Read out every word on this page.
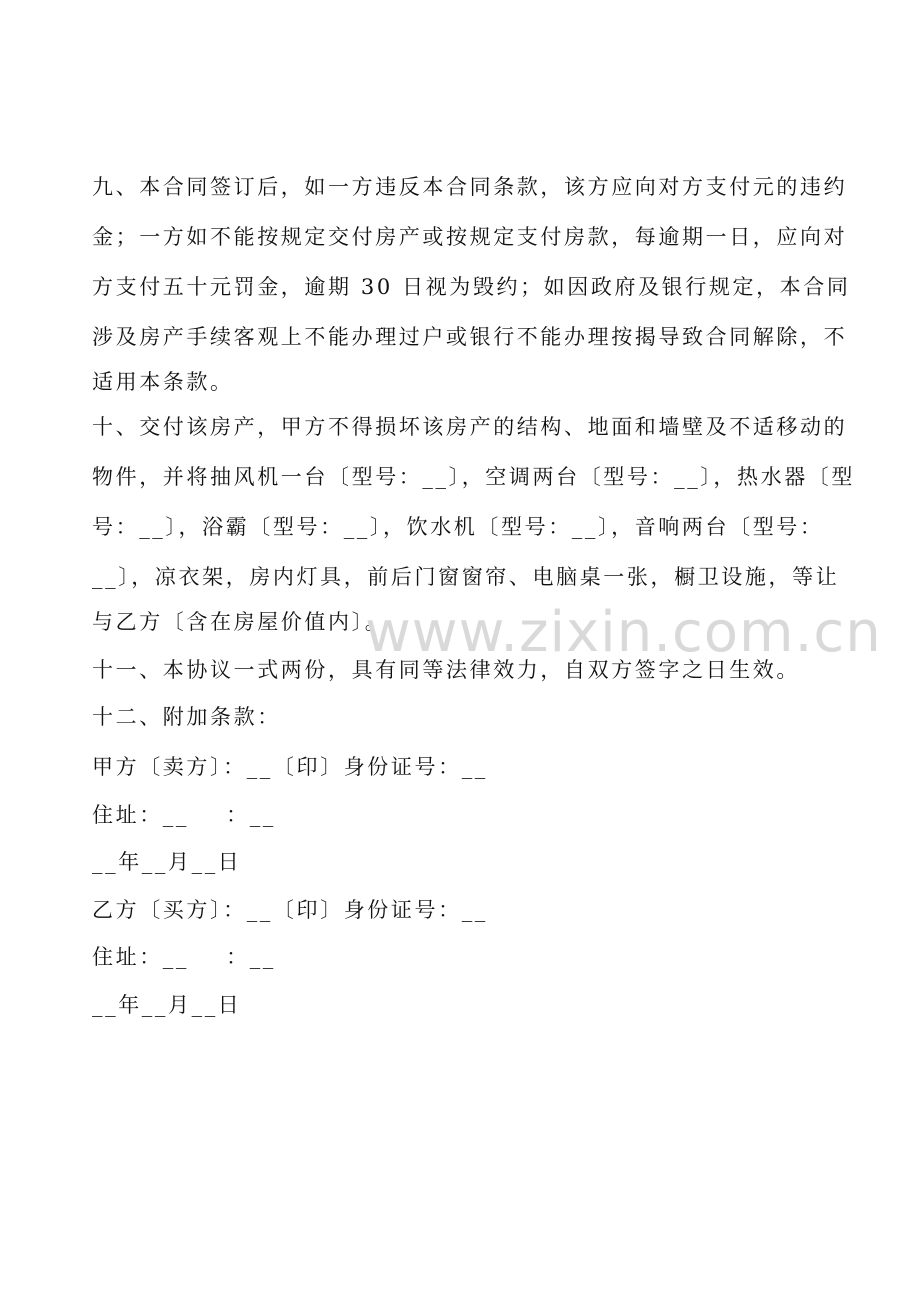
九、本合同签订后，如一方违反本合同条款，该方应向对方支付元的违约
金；一方如不能按规定交付房产或按规定支付房款，每逾期一日，应向对
方支付五十元罚金，逾期 30 日视为毁约；如因政府及银行规定，本合同
涉及房产手续客观上不能办理过户或银行不能办理按揭导致合同解除，不
适用本条款。
十、交付该房产，甲方不得损坏该房产的结构、地面和墙壁及不适移动的
物件，并将抽风机一台〔型号：__〕，空调两台〔型号：__〕，热水器〔型
号：__〕，浴霸〔型号：__〕，饮水机〔型号：__〕，音响两台〔型号：
__〕，凉衣架，房内灯具，前后门窗窗帘、电脑桌一张，橱卫设施，等让
与乙方〔含在房屋价值内〕。
十一、本协议一式两份，具有同等法律效力，自双方签字之日生效。
十二、附加条款：
甲方〔卖方〕：__〔印〕身份证号：__
住址：__    ：__
__年__月__日
乙方〔买方〕：__〔印〕身份证号：__
住址：__    ：__
__年__月__日
www.zixin.com.cn
